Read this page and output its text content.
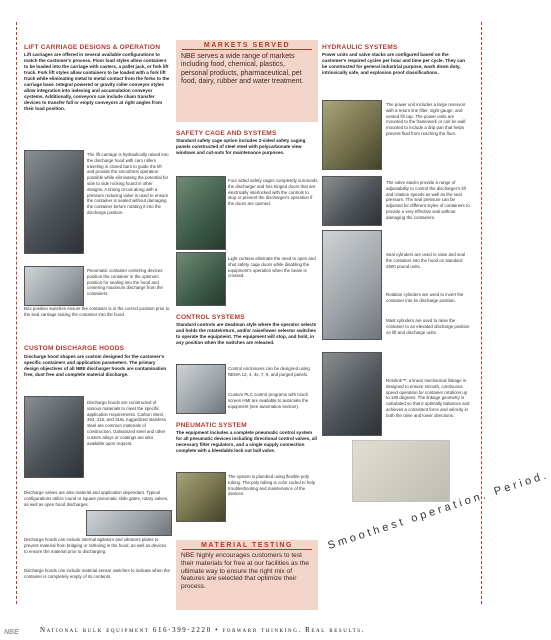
LIFT CARRIAGE DESIGNS & OPERATION

Lift carriages are offered in several available configurations to match the customer's process. Floor load styles allow containers to be loaded into the carriage with casters, a pallet jack, or fork lift truck. Fork lift styles allow containers to be loaded with a fork lift truck while eliminating metal to metal contact from the forks to the carriage base. Integral powered or gravity roller conveyor styles allow integration into indexing and accumulation conveyor systems. Additionally, conveyors can include chain transfer devices to transfer full or empty conveyors at right angles from their load position.

The lift carriage is hydraulically raised into the discharge hood with cam rollers traveling in closed bars to guide the lift and provide the smoothest operation possible while eliminating the potential for side to side rocking found in other designs. A timing circuit along with a pressure reducing valve is used to ensure the container is sealed without damaging the container before rotating it into the discharge position.

Pneumatic container centering devices position the container in the optimum position for sealing into the hood and centering maximum discharge from the containers.

Box position switches ensure the container is in the correct position prior to the seal carriage raising the container into the hood.

CUSTOM DISCHARGE HOODS

Discharge hood shapes are custom designed for the customer's specific containers and application parameters. The primary design objectives of all NBE discharger hoods are contamination free, dust free and complete material discharge.

Discharge hoods are constructed of various materials to meet the specific application requirements. Carbon Steel, 304, 316, and 316L ruggedized stainless steel are common materials of construction. Galvanized steel and other custom alloys or coatings are also available upon request.

Discharge valves are also material and application dependant. Typical configurations utilize round or square pneumatic slide gates, rotary valves, as well as open hood discharges.

Discharge hoods can include internal agitators and vibrators plates to prevent material from bridging or ratholing in the hood, as well as devices to ensure the material prior to discharging.

Discharge hoods can include material sensor switches to indicate when the container is completely empty of its contents.

MARKETS SERVED

NBE serves a wide range of markets including food, chemical, plastics, personal products, pharmaceutical, pet food, dairy, rubber and water treatment.

SAFETY CAGE AND SYSTEMS

Standard safety cage option includes 2-sided safety caging panels constructed of steel steel with polycarbonate view windows and cut-outs for maintenance purposes.

Four sided safety cages completely surrounds the discharger and has hinged doors that are electrically interlocked with the controls to stop or prevent the discharger's operation if the doors are opened.

Light curtains eliminate the need to open and shut safety cage doors while disabling the equipment's operation when the beam is crossed.

CONTROL SYSTEMS

Standard controls are deadman style where the operator selects and holds the rotate/return, and/or raise/lower selector switches to operate the equipment. The equipment will stop, and hold, in any position when the switches are released.

Control enclosures can be designed using NEMA 12, 4, 4x, 7, 9, and purged panels.

Custom PLC control programs with touch screen HMI are available to automate the equipment (see automation section).

PNEUMATIC SYSTEM

The equipment includes a complete pneumatic control system for all pneumatic devices including directional control valves, all necessary filter regulators, and a single supply connection complete with a bleedable lock out ball valve.

The system is plumbed using flexible poly tubing. The poly tubing is color coded to help troubleshooting and maintenance of the devices.

MATERIAL TESTING

NBE highly encourages customers to test their materials for free at our facilities as the ultimate way to ensure the right mix of features are selected that optimize their process.

HYDRAULIC SYSTEMS

Power units and valve stacks are configured based on the customer's required cycles per hour and time per cycle. They can be constructed for general industrial purpose, wash down duty, intrinsically safe, and explosion proof classifications.

The power unit includes a large reservoir with a return line filter, sight gauge, and vented fill cap. The power units are mounted to the framework or can be wall mounted to include a drip pan that helps prevent fluid from reaching the floor.

The valve stacks provide a range of adjustability to control the discharger's lift and rotation speeds as well as the seal pressure. The seal pressure can be adjusted for different styles of containers to provide a very effective seal without damaging the containers.

Seal cylinders are used to raise and seal the container into the hood on standard 2500 pound units.

Rotation cylinders are used to invert the container into its discharge position.

Mast cylinders are used to raise the container to an elevated discharge position on lift and discharge units.

Rotolink™, a linear mechanical linkage is designed to ensure smooth, continuous speed operation for container rotations up to 180 degrees. The linkage geometry is calculated so that it optimally balances and achieves a consistent force and velocity in both the raise and lower directions.

Smoothest operation. Period.
NBE	National bulk equipment 616·399·2220 • forward thinking. Real results.
